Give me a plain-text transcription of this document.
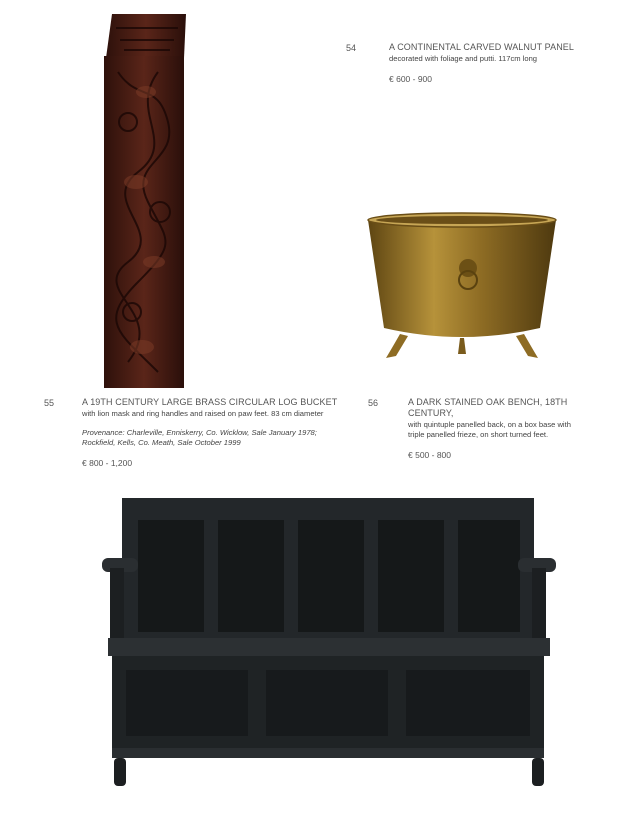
54	A CONTINENTAL CARVED WALNUT PANEL
decorated with foliage and putti. 117cm long
€ 600 - 900
55	A 19TH CENTURY LARGE BRASS CIRCULAR LOG BUCKET
with lion mask and ring handles and raised on paw feet. 83 cm diameter
Provenance: Charleville, Enniskerry, Co. Wicklow, Sale January 1978; Rockfield, Kells, Co. Meath, Sale October 1999
€ 800 - 1,200
56	A DARK STAINED OAK BENCH, 18TH CENTURY,
with quintuple panelled back, on a box base with triple panelled frieze, on short turned feet.
€ 500 - 800
